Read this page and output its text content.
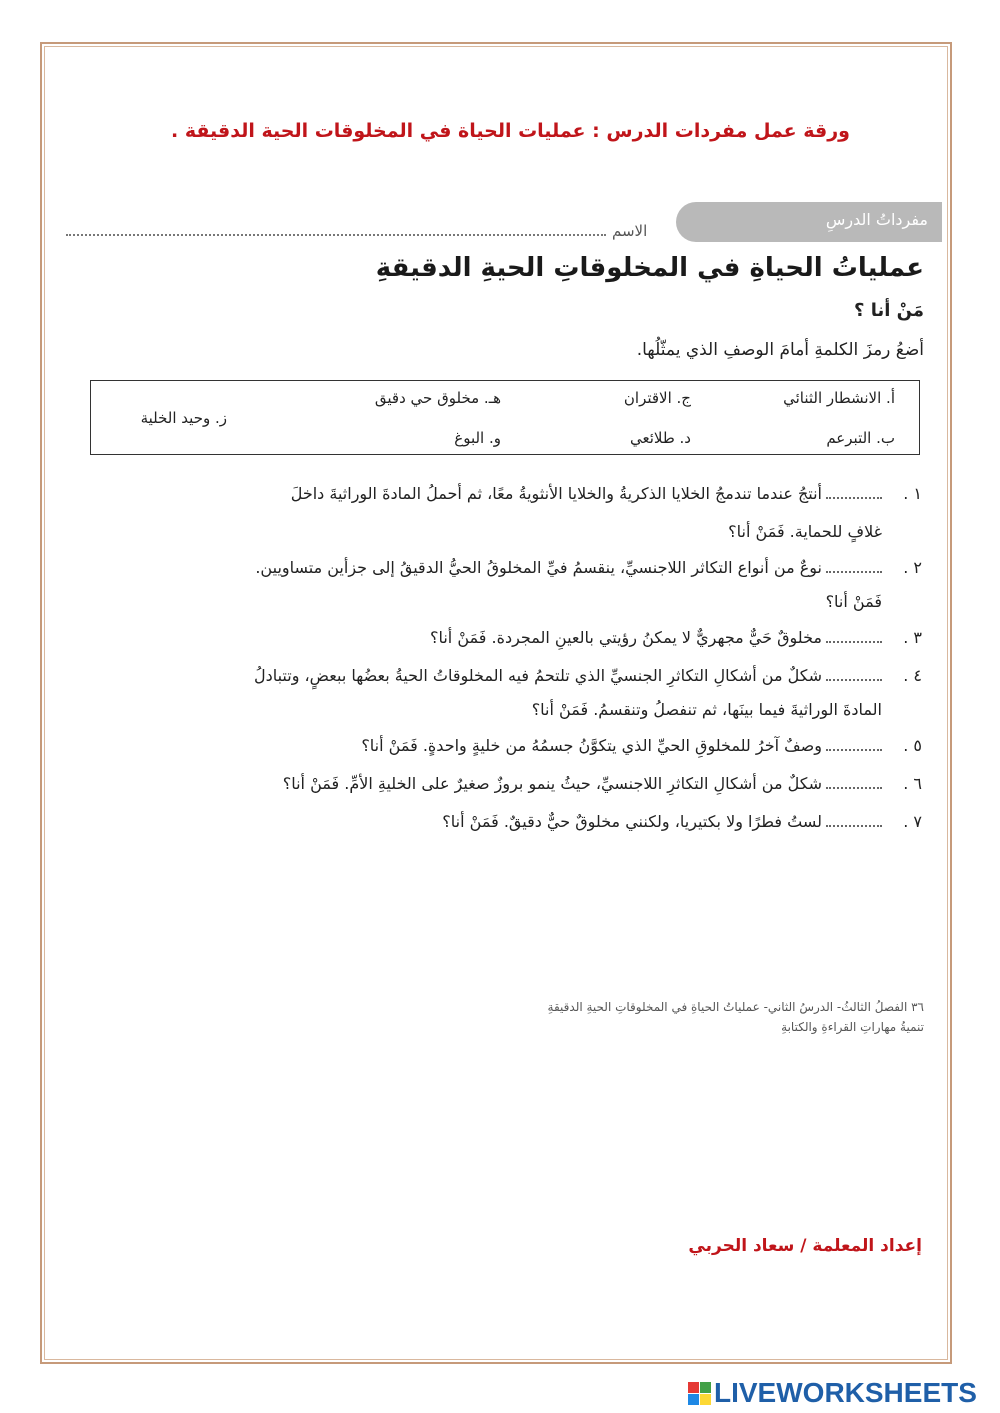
ورقة عمل مفردات الدرس : عمليات الحياة في المخلوقات الحية الدقيقة .
مفرداتُ الدرسِ
الاسم
عملياتُ الحياةِ في المخلوقاتِ الحيةِ الدقيقةِ
مَنْ أنا ؟
أضعُ رمزَ الكلمةِ أمامَ الوصفِ الذي يمثّلُها.
أ. الانشطار الثنائي
ج. الاقتران
هـ. مخلوق حي دقيق
ب. التبرعم
د. طلائعي
و. البوغ
ز. وحيد الخلية
١ .
أنتجُ عندما تندمجُ الخلايا الذكريةُ والخلايا الأنثويةُ معًا، ثم أحملُ المادةَ الوراثيةَ داخلَ
غلافٍ للحماية. فَمَنْ أنا؟
٢ .
نوعٌ من أنواع التكاثر اللاجنسيِّ، ينقسمُ فيِّ المخلوقُ الحيُّ الدقيقُ إلى جزأين متساويين.
فَمَنْ أنا؟
٣ .
مخلوقٌ حَيٌّ مجهريٌّ لا يمكنُ رؤيتي بالعينِ المجردة. فَمَنْ أنا؟
٤ .
شكلٌ من أشكالِ التكاثرِ الجنسيِّ الذي تلتحمُ فيه المخلوقاتُ الحيةُ بعضُها ببعضٍ، وتتبادلُ
المادةَ الوراثيةَ فيما بينَها، ثم تنفصلُ وتنقسمُ. فَمَنْ أنا؟
٥ .
وصفٌ آخرُ للمخلوقِ الحيِّ الذي يتكوَّنُ جسمُهُ من خليةٍ واحدةٍ. فَمَنْ أنا؟
٦ .
شكلٌ من أشكالِ التكاثرِ اللاجنسيِّ، حيثُ ينمو بروزٌ صغيرٌ على الخليةِ الأمِّ. فَمَنْ أنا؟
٧ .
لستُ فطرًا ولا بكتيريا، ولكنني مخلوقٌ حيٌّ دقيقٌ. فَمَنْ أنا؟
٣٦ الفصلُ الثالثُ- الدرسُ الثاني- عملياتُ الحياةِ في المخلوقاتِ الحيةِ الدقيقةِ
تنميةُ مهاراتِ القراءةِ والكتابةِ
إعداد المعلمة / سعاد الحربي
LIVEWORKSHEETS
